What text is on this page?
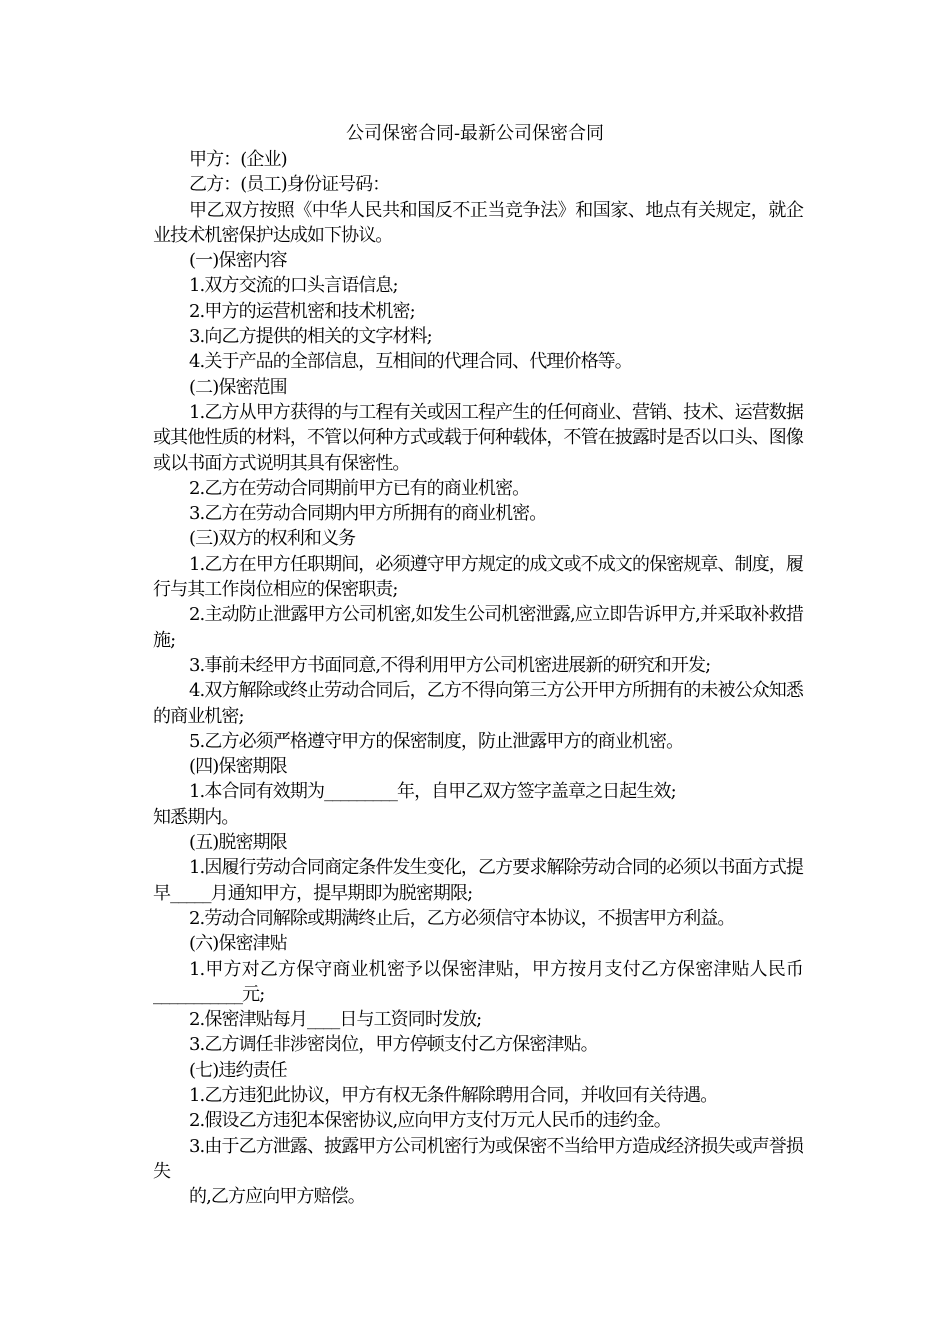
公司保密合同-最新公司保密合同

甲方：(企业)

乙方：(员工)身份证号码：

甲乙双方按照《中华人民共和国反不正当竞争法》和国家、地点有关规定，就企业技术机密保护达成如下协议。

(一)保密内容

1.双方交流的口头言语信息;

2.甲方的运营机密和技术机密;

3.向乙方提供的相关的文字材料;

4.关于产品的全部信息，互相间的代理合同、代理价格等。

(二)保密范围

1.乙方从甲方获得的与工程有关或因工程产生的任何商业、营销、技术、运营数据或其他性质的材料，不管以何种方式或载于何种载体，不管在披露时是否以口头、图像或以书面方式说明其具有保密性。

2.乙方在劳动合同期前甲方已有的商业机密。

3.乙方在劳动合同期内甲方所拥有的商业机密。

(三)双方的权利和义务

1.乙方在甲方任职期间，必须遵守甲方规定的成文或不成文的保密规章、制度，履行与其工作岗位相应的保密职责;

2.主动防止泄露甲方公司机密,如发生公司机密泄露,应立即告诉甲方,并采取补救措施;

3.事前未经甲方书面同意,不得利用甲方公司机密进展新的研究和开发;

4.双方解除或终止劳动合同后，乙方不得向第三方公开甲方所拥有的未被公众知悉的商业机密;

5.乙方必须严格遵守甲方的保密制度，防止泄露甲方的商业机密。

(四)保密期限

1.本合同有效期为_________年，自甲乙双方签字盖章之日起生效;

知悉期内。

(五)脱密期限

1.因履行劳动合同商定条件发生变化，乙方要求解除劳动合同的必须以书面方式提早_____月通知甲方，提早期即为脱密期限;

2.劳动合同解除或期满终止后，乙方必须信守本协议，不损害甲方利益。

(六)保密津贴

1.甲方对乙方保守商业机密予以保密津贴，甲方按月支付乙方保密津贴人民币___________元;

2.保密津贴每月____日与工资同时发放;

3.乙方调任非涉密岗位，甲方停顿支付乙方保密津贴。

(七)违约责任

1.乙方违犯此协议，甲方有权无条件解除聘用合同，并收回有关待遇。

2.假设乙方违犯本保密协议,应向甲方支付万元人民币的违约金。

3.由于乙方泄露、披露甲方公司机密行为或保密不当给甲方造成经济损失或声誉损失

的,乙方应向甲方赔偿。
